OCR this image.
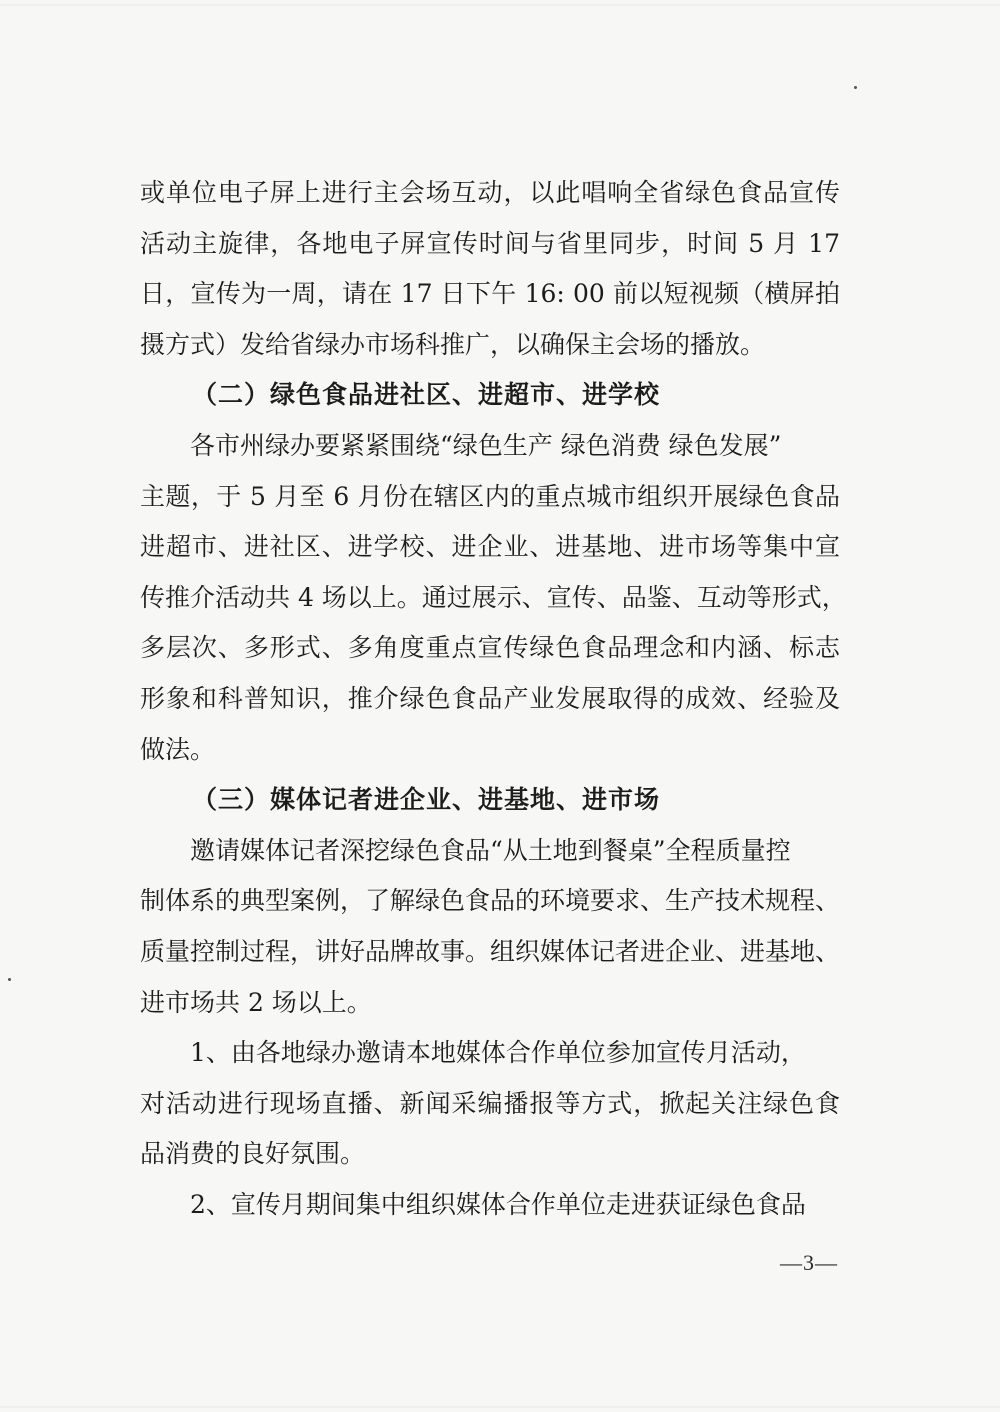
或单位电子屏上进行主会场互动，以此唱响全省绿色食品宣传
活动主旋律，各地电子屏宣传时间与省里同步，时间 5 月 17
日，宣传为一周，请在 17 日下午 16: 00 前以短视频（横屏拍
摄方式）发给省绿办市场科推广，以确保主会场的播放。
（二）绿色食品进社区、进超市、进学校
各市州绿办要紧紧围绕“绿色生产 绿色消费 绿色发展”
主题，于 5 月至 6 月份在辖区内的重点城市组织开展绿色食品
进超市、进社区、进学校、进企业、进基地、进市场等集中宣
传推介活动共 4 场以上。通过展示、宣传、品鉴、互动等形式，
多层次、多形式、多角度重点宣传绿色食品理念和内涵、标志
形象和科普知识，推介绿色食品产业发展取得的成效、经验及
做法。
（三）媒体记者进企业、进基地、进市场
邀请媒体记者深挖绿色食品“从土地到餐桌”全程质量控
制体系的典型案例，了解绿色食品的环境要求、生产技术规程、
质量控制过程，讲好品牌故事。组织媒体记者进企业、进基地、
进市场共 2 场以上。
1、由各地绿办邀请本地媒体合作单位参加宣传月活动，
对活动进行现场直播、新闻采编播报等方式，掀起关注绿色食
品消费的良好氛围。
2、宣传月期间集中组织媒体合作单位走进获证绿色食品
—3—
